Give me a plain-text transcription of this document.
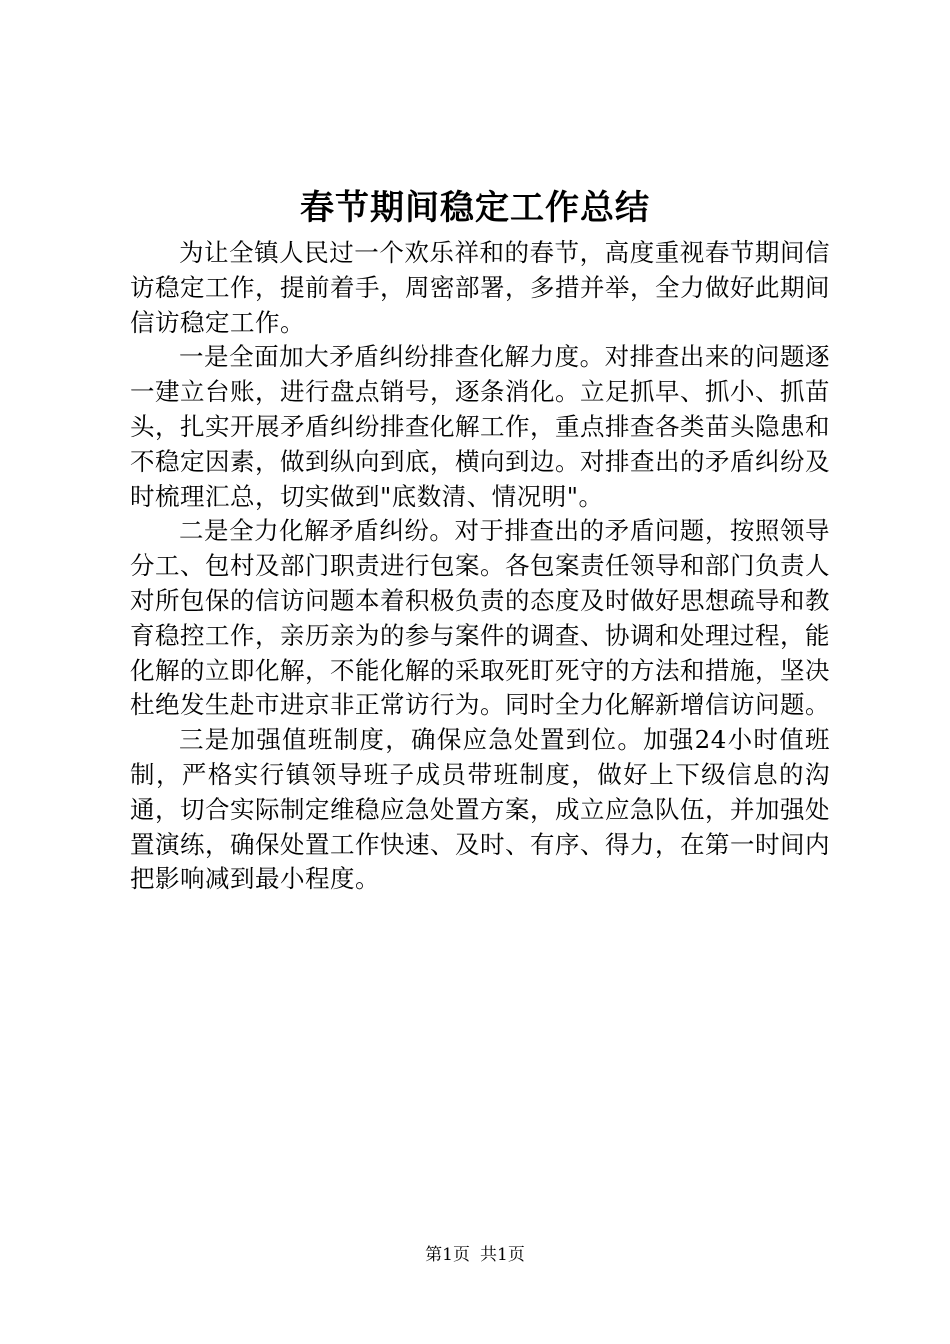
春节期间稳定工作总结

为让全镇人民过一个欢乐祥和的春节，高度重视春节期间信访稳定工作，提前着手，周密部署，多措并举，全力做好此期间信访稳定工作。

一是全面加大矛盾纠纷排查化解力度。对排查出来的问题逐一建立台账，进行盘点销号，逐条消化。立足抓早、抓小、抓苗头，扎实开展矛盾纠纷排查化解工作，重点排查各类苗头隐患和不稳定因素，做到纵向到底，横向到边。对排查出的矛盾纠纷及时梳理汇总，切实做到"底数清、情况明"。

二是全力化解矛盾纠纷。对于排查出的矛盾问题，按照领导分工、包村及部门职责进行包案。各包案责任领导和部门负责人对所包保的信访问题本着积极负责的态度及时做好思想疏导和教育稳控工作，亲历亲为的参与案件的调查、协调和处理过程，能化解的立即化解，不能化解的采取死盯死守的方法和措施，坚决杜绝发生赴市进京非正常访行为。同时全力化解新增信访问题。

三是加强值班制度，确保应急处置到位。加强24小时值班制，严格实行镇领导班子成员带班制度，做好上下级信息的沟通，切合实际制定维稳应急处置方案，成立应急队伍，并加强处置演练，确保处置工作快速、及时、有序、得力，在第一时间内把影响减到最小程度。

第1页 共1页
